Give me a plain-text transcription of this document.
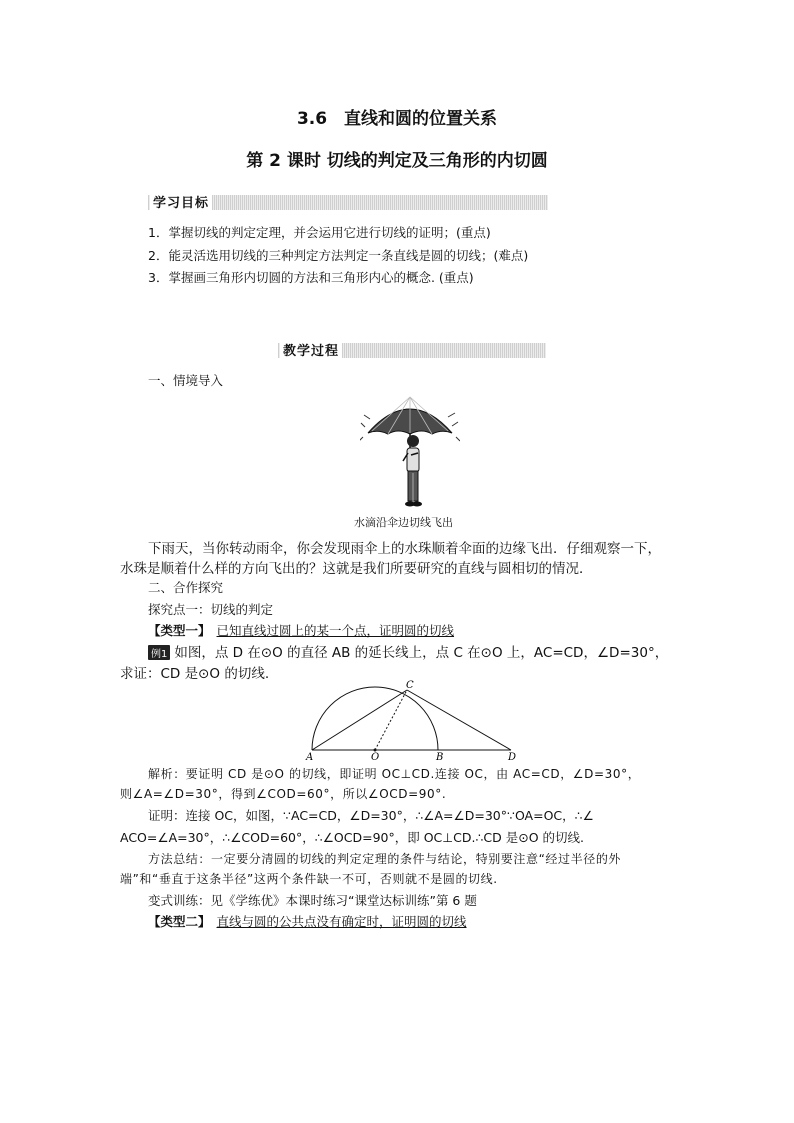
3.6　直线和圆的位置关系
第 2 课时 切线的判定及三角形的内切圆
学习目标
1．掌握切线的判定定理，并会运用它进行切线的证明；(重点)
2．能灵活选用切线的三种判定方法判定一条直线是圆的切线；(难点)
3．掌握画三角形内切圆的方法和三角形内心的概念. (重点)
教学过程
一、情境导入
水滴沿伞边切线飞出
下雨天，当你转动雨伞，你会发现雨伞上的水珠顺着伞面的边缘飞出．仔细观察一下，
水珠是顺着什么样的方向飞出的？这就是我们所要研究的直线与圆相切的情况．
二、合作探究
探究点一：切线的判定
【类型一】 已知直线过圆上的某一个点，证明圆的切线
例1 如图，点 D 在⊙O 的直径 AB 的延长线上，点 C 在⊙O 上，AC=CD，∠D=30°，
求证：CD 是⊙O 的切线.
A	O	B
C
D
解析：要证明 CD 是⊙O 的切线，即证明 OC⊥CD.连接 OC，由 AC=CD，∠D=30°，
则∠A=∠D=30°，得到∠COD=60°，所以∠OCD=90°.
证明：连接 OC，如图，∵AC=CD，∠D=30°，∴∠A=∠D=30°∵OA=OC，∴∠
ACO=∠A=30°，∴∠COD=60°，∴∠OCD=90°，即 OC⊥CD.∴CD 是⊙O 的切线.
方法总结：一定要分清圆的切线的判定定理的条件与结论，特别要注意“经过半径的外
端”和“垂直于这条半径”这两个条件缺一不可，否则就不是圆的切线.
变式训练：见《学练优》本课时练习“课堂达标训练”第 6 题
【类型二】 直线与圆的公共点没有确定时，证明圆的切线
